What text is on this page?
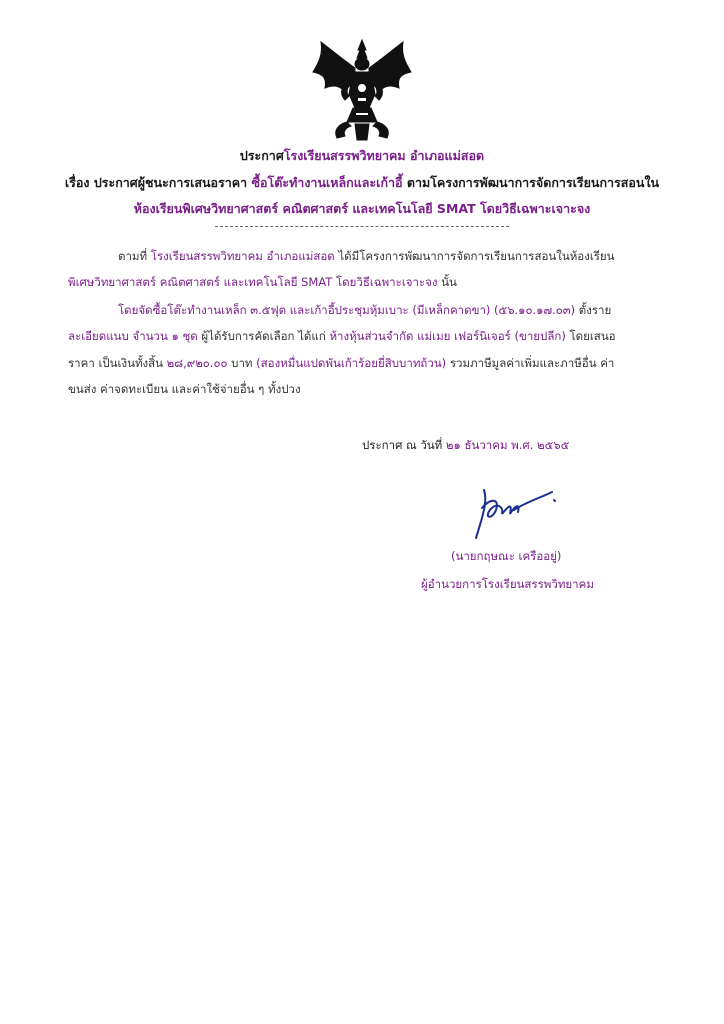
ประกาศโรงเรียนสรรพวิทยาคม อำเภอแม่สอด
เรื่อง ประกาศผู้ชนะการเสนอราคา ซื้อโต๊ะทำงานเหล็กและเก้าอี้ ตามโครงการพัฒนาการจัดการเรียนการสอนใน
ห้องเรียนพิเศษวิทยาศาสตร์ คณิตศาสตร์ และเทคโนโลยี SMAT โดยวิธีเฉพาะเจาะจง
ตามที่ โรงเรียนสรรพวิทยาคม อำเภอแม่สอด ได้มีโครงการพัฒนาการจัดการเรียนการสอนในห้องเรียน
พิเศษวิทยาศาสตร์ คณิตศาสตร์ และเทคโนโลยี SMAT โดยวิธีเฉพาะเจาะจง นั้น
โดยจัดซื้อโต๊ะทำงานเหล็ก ๓.๕ฟุต และเก้าอี้ประชุมหุ้มเบาะ (มีเหล็กคาดขา) (๕๖.๑๐.๑๗.๐๓) ตั้งราย
ละเอียดแนบ จำนวน ๑ ชุด ผู้ได้รับการคัดเลือก ได้แก่ ห้างหุ้นส่วนจำกัด แม่เมย เฟอร์นิเจอร์ (ขายปลีก) โดยเสนอ
ราคา เป็นเงินทั้งสิ้น ๒๘,๙๒๐.๐๐ บาท (สองหมื่นแปดพันเก้าร้อยยี่สิบบาทถ้วน) รวมภาษีมูลค่าเพิ่มและภาษีอื่น ค่า
ขนส่ง ค่าจดทะเบียน และค่าใช้จ่ายอื่น ๆ ทั้งปวง
ประกาศ ณ วันที่ ๒๑ ธันวาคม พ.ศ. ๒๕๖๕
(นายกฤษณะ เครืออยู่)
ผู้อำนวยการโรงเรียนสรรพวิทยาคม
